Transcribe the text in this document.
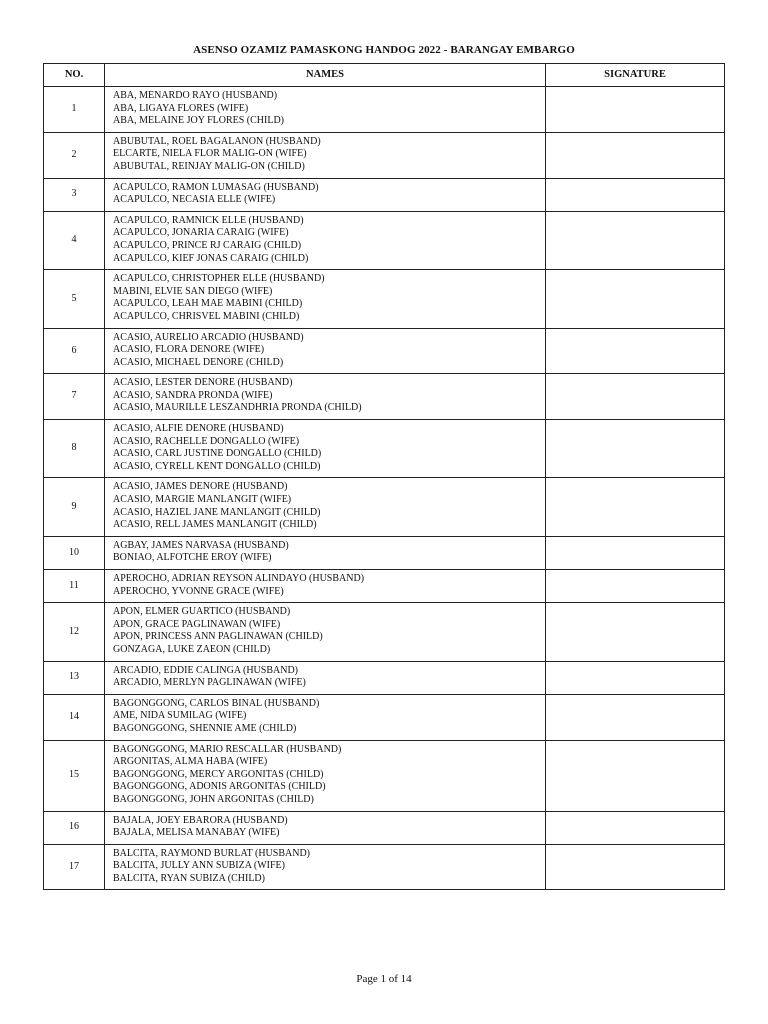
ASENSO OZAMIZ PAMASKONG HANDOG 2022 - BARANGAY EMBARGO
NO.	NAMES	SIGNATURE
1	ABA, MENARDO RAYO (HUSBAND)
ABA, LIGAYA FLORES (WIFE)
ABA, MELAINE JOY FLORES (CHILD)	

2	ABUBUTAL, ROEL BAGALANON (HUSBAND)
ELCARTE, NIELA FLOR MALIG-ON (WIFE)
ABUBUTAL, REINJAY MALIG-ON (CHILD)	

3	ACAPULCO, RAMON LUMASAG (HUSBAND)
ACAPULCO, NECASIA ELLE (WIFE)	

4	ACAPULCO, RAMNICK ELLE (HUSBAND)
ACAPULCO, JONARIA CARAIG (WIFE)
ACAPULCO, PRINCE RJ CARAIG (CHILD)
ACAPULCO, KIEF JONAS CARAIG (CHILD)	

5	ACAPULCO, CHRISTOPHER ELLE (HUSBAND)
MABINI, ELVIE SAN DIEGO (WIFE)
ACAPULCO, LEAH MAE MABINI (CHILD)
ACAPULCO, CHRISVEL MABINI (CHILD)	

6	ACASIO, AURELIO ARCADIO (HUSBAND)
ACASIO, FLORA DENORE (WIFE)
ACASIO, MICHAEL DENORE (CHILD)	

7	ACASIO, LESTER DENORE (HUSBAND)
ACASIO, SANDRA PRONDA (WIFE)
ACASIO, MAURILLE LESZANDHRIA PRONDA (CHILD)	

8	ACASIO, ALFIE DENORE (HUSBAND)
ACASIO, RACHELLE DONGALLO (WIFE)
ACASIO, CARL JUSTINE DONGALLO (CHILD)
ACASIO, CYRELL KENT DONGALLO (CHILD)	

9	ACASIO, JAMES DENORE (HUSBAND)
ACASIO, MARGIE MANLANGIT (WIFE)
ACASIO, HAZIEL JANE MANLANGIT (CHILD)
ACASIO, RELL JAMES MANLANGIT (CHILD)	

10	AGBAY, JAMES NARVASA (HUSBAND)
BONIAO, ALFOTCHE EROY (WIFE)	

11	APEROCHO, ADRIAN REYSON ALINDAYO (HUSBAND)
APEROCHO, YVONNE GRACE (WIFE)	

12	APON, ELMER GUARTICO (HUSBAND)
APON, GRACE PAGLINAWAN (WIFE)
APON, PRINCESS ANN PAGLINAWAN (CHILD)
GONZAGA, LUKE ZAEON (CHILD)	

13	ARCADIO, EDDIE CALINGA (HUSBAND)
ARCADIO, MERLYN PAGLINAWAN (WIFE)	

14	BAGONGGONG, CARLOS BINAL (HUSBAND)
AME, NIDA SUMILAG (WIFE)
BAGONGGONG, SHENNIE AME (CHILD)	

15	BAGONGGONG, MARIO RESCALLAR (HUSBAND)
ARGONITAS, ALMA HABA (WIFE)
BAGONGGONG, MERCY ARGONITAS (CHILD)
BAGONGGONG, ADONIS ARGONITAS (CHILD)
BAGONGGONG, JOHN ARGONITAS (CHILD)	

16	BAJALA, JOEY EBARORA (HUSBAND)
BAJALA, MELISA MANABAY (WIFE)	

17	BALCITA, RAYMOND BURLAT (HUSBAND)
BALCITA, JULLY ANN SUBIZA (WIFE)
BALCITA, RYAN SUBIZA (CHILD)	

Page 1 of 14
